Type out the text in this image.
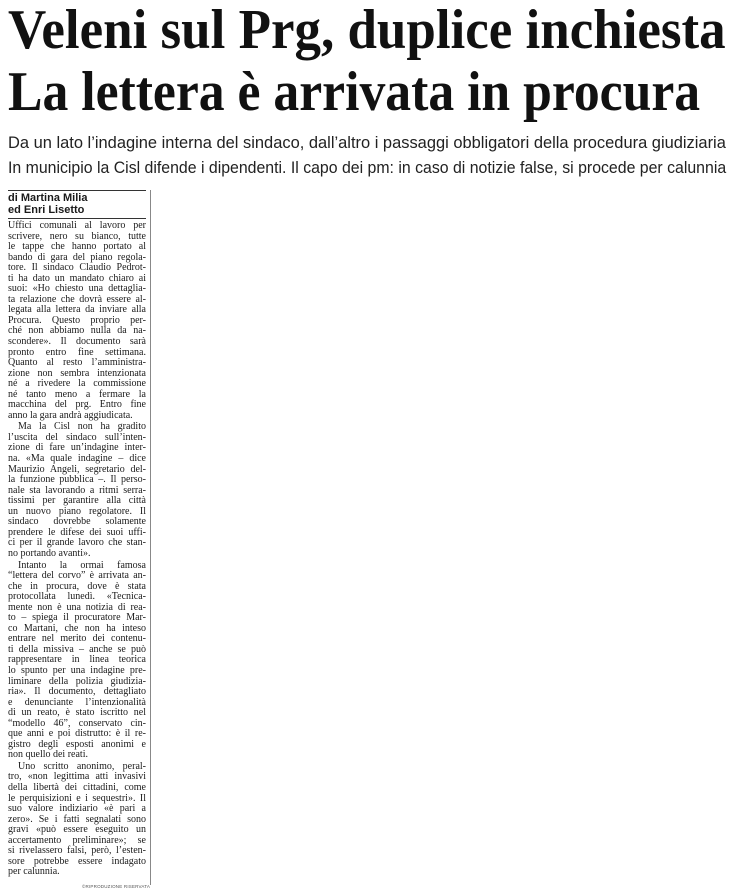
Veleni sul Prg, duplice inchiesta
La lettera è arrivata in procura
Da un lato l’indagine interna del sindaco, dall’altro i passaggi obbligatori della procedura giudiziaria
In municipio la Cisl difende i dipendenti. Il capo dei pm: in caso di notizie false, si procede per calunnia
di Martina Milia
ed Enri Lisetto
Uffici comunali al lavoro per
scrivere, nero su bianco, tutte
le tappe che hanno portato al
bando di gara del piano regola-
tore. Il sindaco Claudio Pedrot-
ti ha dato un mandato chiaro ai
suoi: «Ho chiesto una dettaglia-
ta relazione che dovrà essere al-
legata alla lettera da inviare alla
Procura. Questo proprio per-
ché non abbiamo nulla da na-
scondere». Il documento sarà
pronto entro fine settimana.
Quanto al resto l’amministra-
zione non sembra intenzionata
né a rivedere la commissione
né tanto meno a fermare la
macchina del prg. Entro fine
anno la gara andrà aggiudicata.
Ma la Cisl non ha gradito
l’uscita del sindaco sull’inten-
zione di fare un’indagine inter-
na. «Ma quale indagine – dice
Maurizio Angeli, segretario del-
la funzione pubblica –. Il perso-
nale sta lavorando a ritmi serra-
tissimi per garantire alla città
un nuovo piano regolatore. Il
sindaco dovrebbe solamente
prendere le difese dei suoi uffi-
ci per il grande lavoro che stan-
no portando avanti».
Intanto la ormai famosa
“lettera del corvo” è arrivata an-
che in procura, dove è stata
protocollata lunedì. «Tecnica-
mente non è una notizia di rea-
to – spiega il procuratore Mar-
co Martani, che non ha inteso
entrare nel merito dei contenu-
ti della missiva – anche se può
rappresentare in linea teorica
lo spunto per una indagine pre-
liminare della polizia giudizia-
ria». Il documento, dettagliato
e denunciante l’intenzionalità
di un reato, è stato iscritto nel
“modello 46”, conservato cin-
que anni e poi distrutto: è il re-
gistro degli esposti anonimi e
non quello dei reati.
Uno scritto anonimo, peral-
tro, «non legittima atti invasivi
della libertà dei cittadini, come
le perquisizioni e i sequestri». Il
suo valore indiziario «è pari a
zero». Se i fatti segnalati sono
gravi «può essere eseguito un
accertamento preliminare»; se
si rivelassero falsi, però, l’esten-
sore potrebbe essere indagato
per calunnia.
©RIPRODUZIONE RISERVATA
